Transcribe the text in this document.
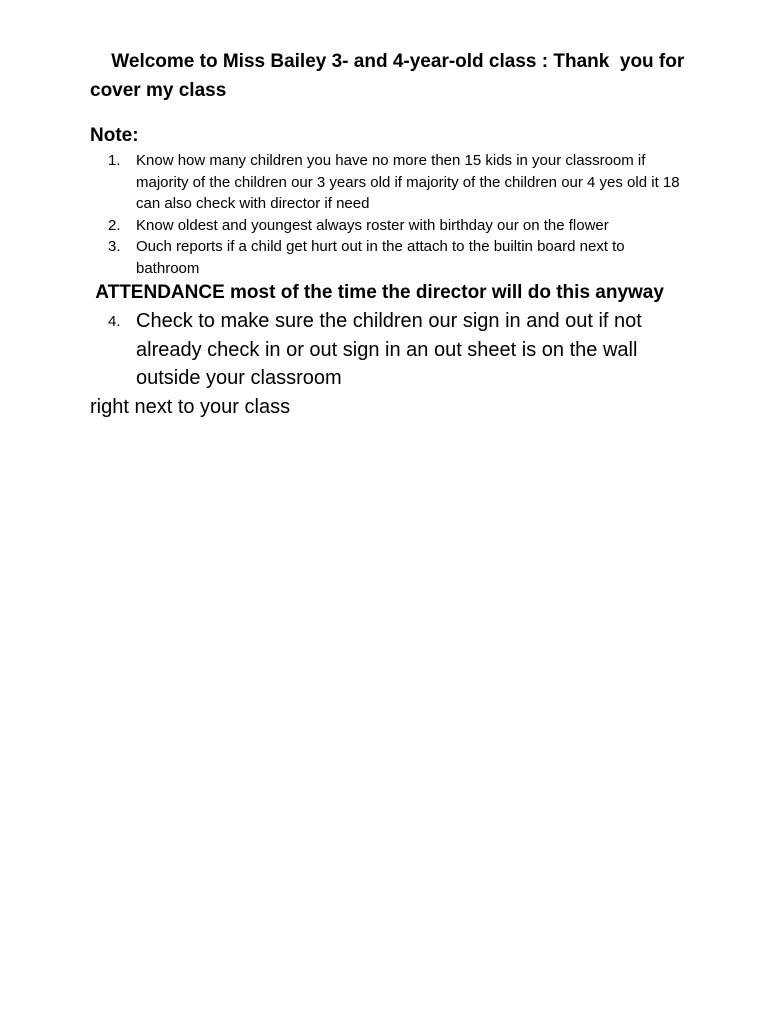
Welcome to Miss Bailey 3- and 4-year-old class : Thank  you for cover my class

Note:

1.	Know how many children you have no more then 15 kids in your classroom if majority of the children our 3 years old if majority of the children our 4 yes old it 18 can also check with director if need
2.	Know oldest and youngest always roster with birthday our on the flower
3.	Ouch reports if a child get hurt out in the attach to the builtin board next to bathroom

ATTENDANCE most of the time the director will do this anyway

4. Check to make sure the children our sign in and out if not already check in or out sign in an out sheet is on the wall outside your classroom

right next to your class
